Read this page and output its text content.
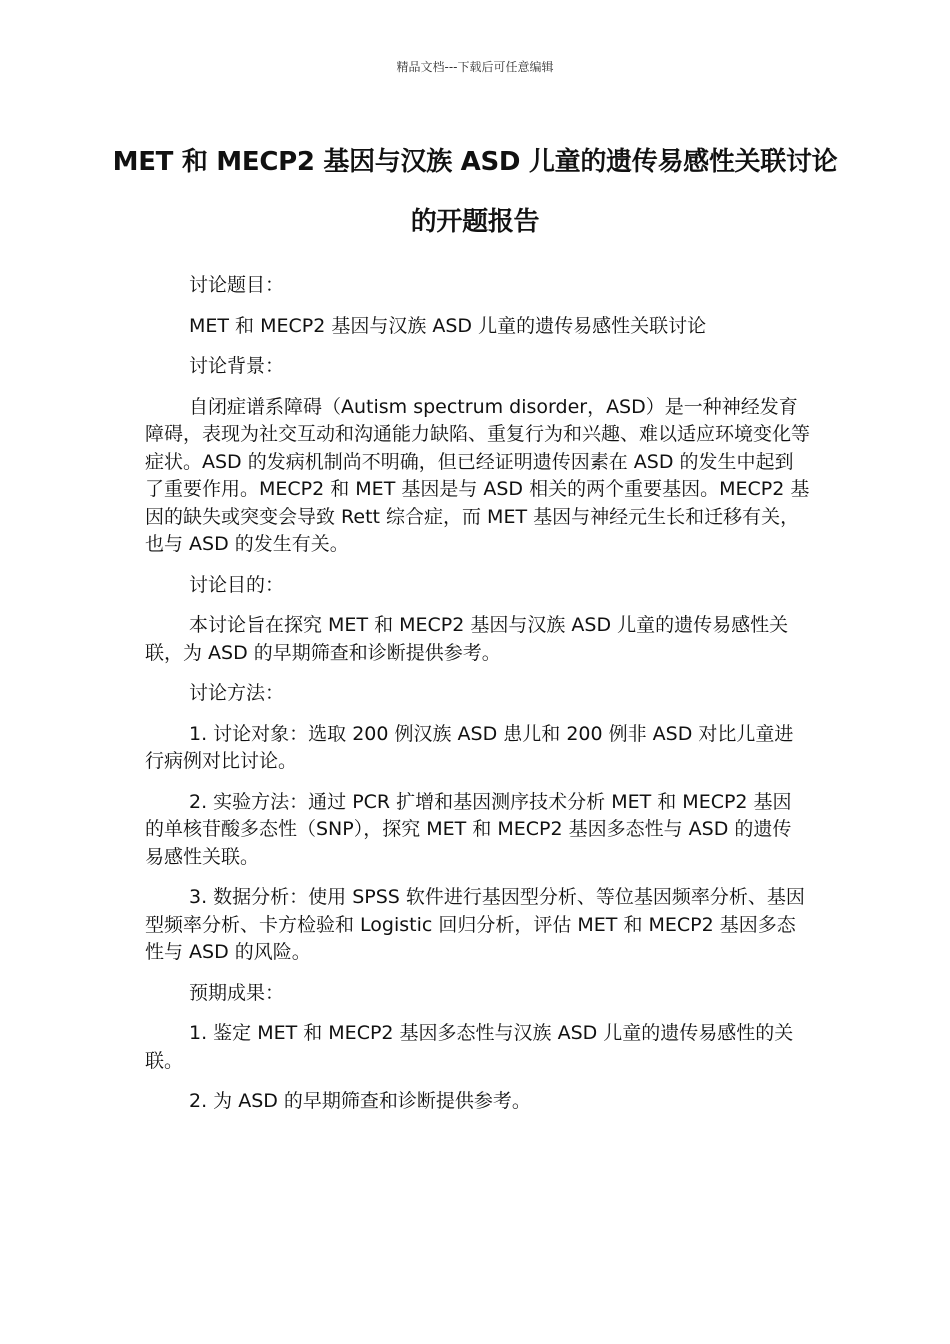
精品文档---下载后可任意编辑
MET 和 MECP2 基因与汉族 ASD 儿童的遗传易感性关联讨论的开题报告

讨论题目：

MET 和 MECP2 基因与汉族 ASD 儿童的遗传易感性关联讨论

讨论背景：

自闭症谱系障碍（Autism spectrum disorder，ASD）是一种神经发育障碍，表现为社交互动和沟通能力缺陷、重复行为和兴趣、难以适应环境变化等症状。ASD 的发病机制尚不明确，但已经证明遗传因素在 ASD 的发生中起到了重要作用。MECP2 和 MET 基因是与 ASD 相关的两个重要基因。MECP2 基因的缺失或突变会导致 Rett 综合症，而 MET 基因与神经元生长和迁移有关，也与 ASD 的发生有关。

讨论目的：

本讨论旨在探究 MET 和 MECP2 基因与汉族 ASD 儿童的遗传易感性关联，为 ASD 的早期筛查和诊断提供参考。

讨论方法：

1. 讨论对象：选取 200 例汉族 ASD 患儿和 200 例非 ASD 对比儿童进行病例对比讨论。

2. 实验方法：通过 PCR 扩增和基因测序技术分析 MET 和 MECP2 基因的单核苷酸多态性（SNP），探究 MET 和 MECP2 基因多态性与 ASD 的遗传易感性关联。

3. 数据分析：使用 SPSS 软件进行基因型分析、等位基因频率分析、基因型频率分析、卡方检验和 Logistic 回归分析，评估 MET 和 MECP2 基因多态性与 ASD 的风险。

预期成果：

1. 鉴定 MET 和 MECP2 基因多态性与汉族 ASD 儿童的遗传易感性的关联。

2. 为 ASD 的早期筛查和诊断提供参考。
